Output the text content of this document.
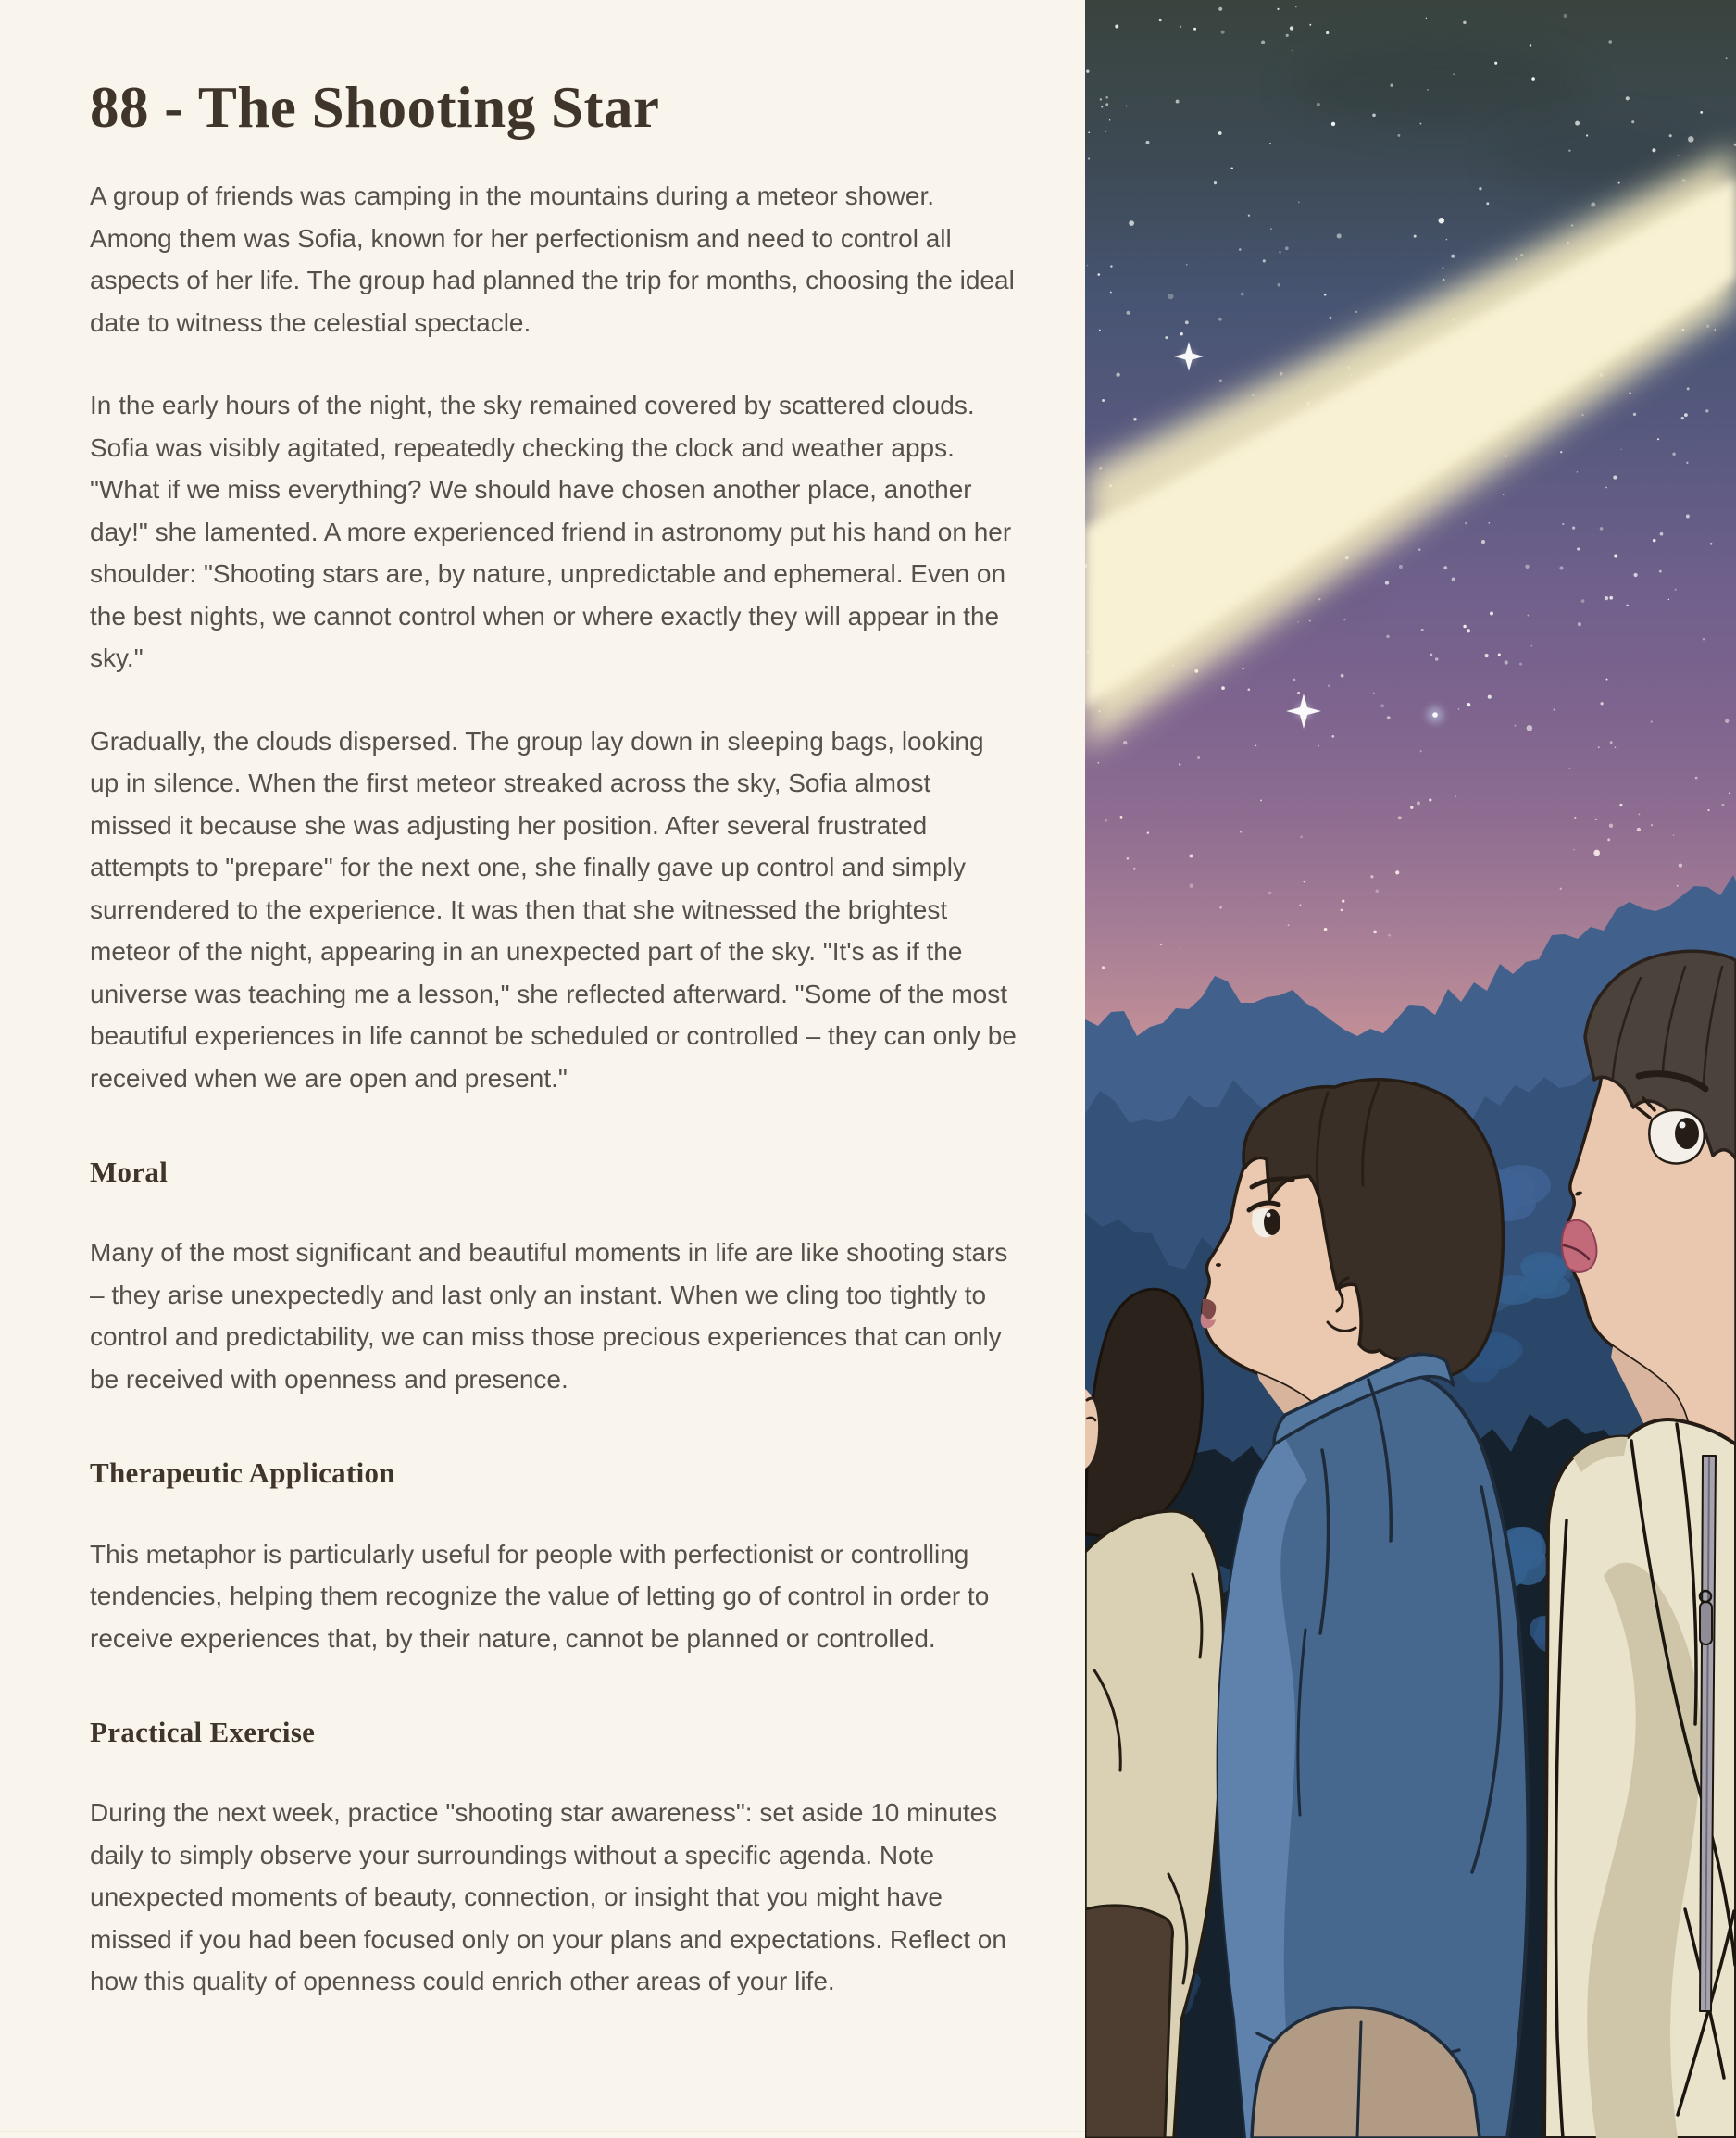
88 - The Shooting Star

A group of friends was camping in the mountains during a meteor shower. Among them was Sofia, known for her perfectionism and need to control all aspects of her life. The group had planned the trip for months, choosing the ideal date to witness the celestial spectacle.

In the early hours of the night, the sky remained covered by scattered clouds. Sofia was visibly agitated, repeatedly checking the clock and weather apps. "What if we miss everything? We should have chosen another place, another day!" she lamented. A more experienced friend in astronomy put his hand on her shoulder: "Shooting stars are, by nature, unpredictable and ephemeral. Even on the best nights, we cannot control when or where exactly they will appear in the sky."

Gradually, the clouds dispersed. The group lay down in sleeping bags, looking up in silence. When the first meteor streaked across the sky, Sofia almost missed it because she was adjusting her position. After several frustrated attempts to "prepare" for the next one, she finally gave up control and simply surrendered to the experience. It was then that she witnessed the brightest meteor of the night, appearing in an unexpected part of the sky. "It's as if the universe was teaching me a lesson," she reflected afterward. "Some of the most beautiful experiences in life cannot be scheduled or controlled – they can only be received when we are open and present."

Moral

Many of the most significant and beautiful moments in life are like shooting stars – they arise unexpectedly and last only an instant. When we cling too tightly to control and predictability, we can miss those precious experiences that can only be received with openness and presence.

Therapeutic Application

This metaphor is particularly useful for people with perfectionist or controlling tendencies, helping them recognize the value of letting go of control in order to receive experiences that, by their nature, cannot be planned or controlled.

Practical Exercise

During the next week, practice "shooting star awareness": set aside 10 minutes daily to simply observe your surroundings without a specific agenda. Note unexpected moments of beauty, connection, or insight that you might have missed if you had been focused only on your plans and expectations. Reflect on how this quality of openness could enrich other areas of your life.
